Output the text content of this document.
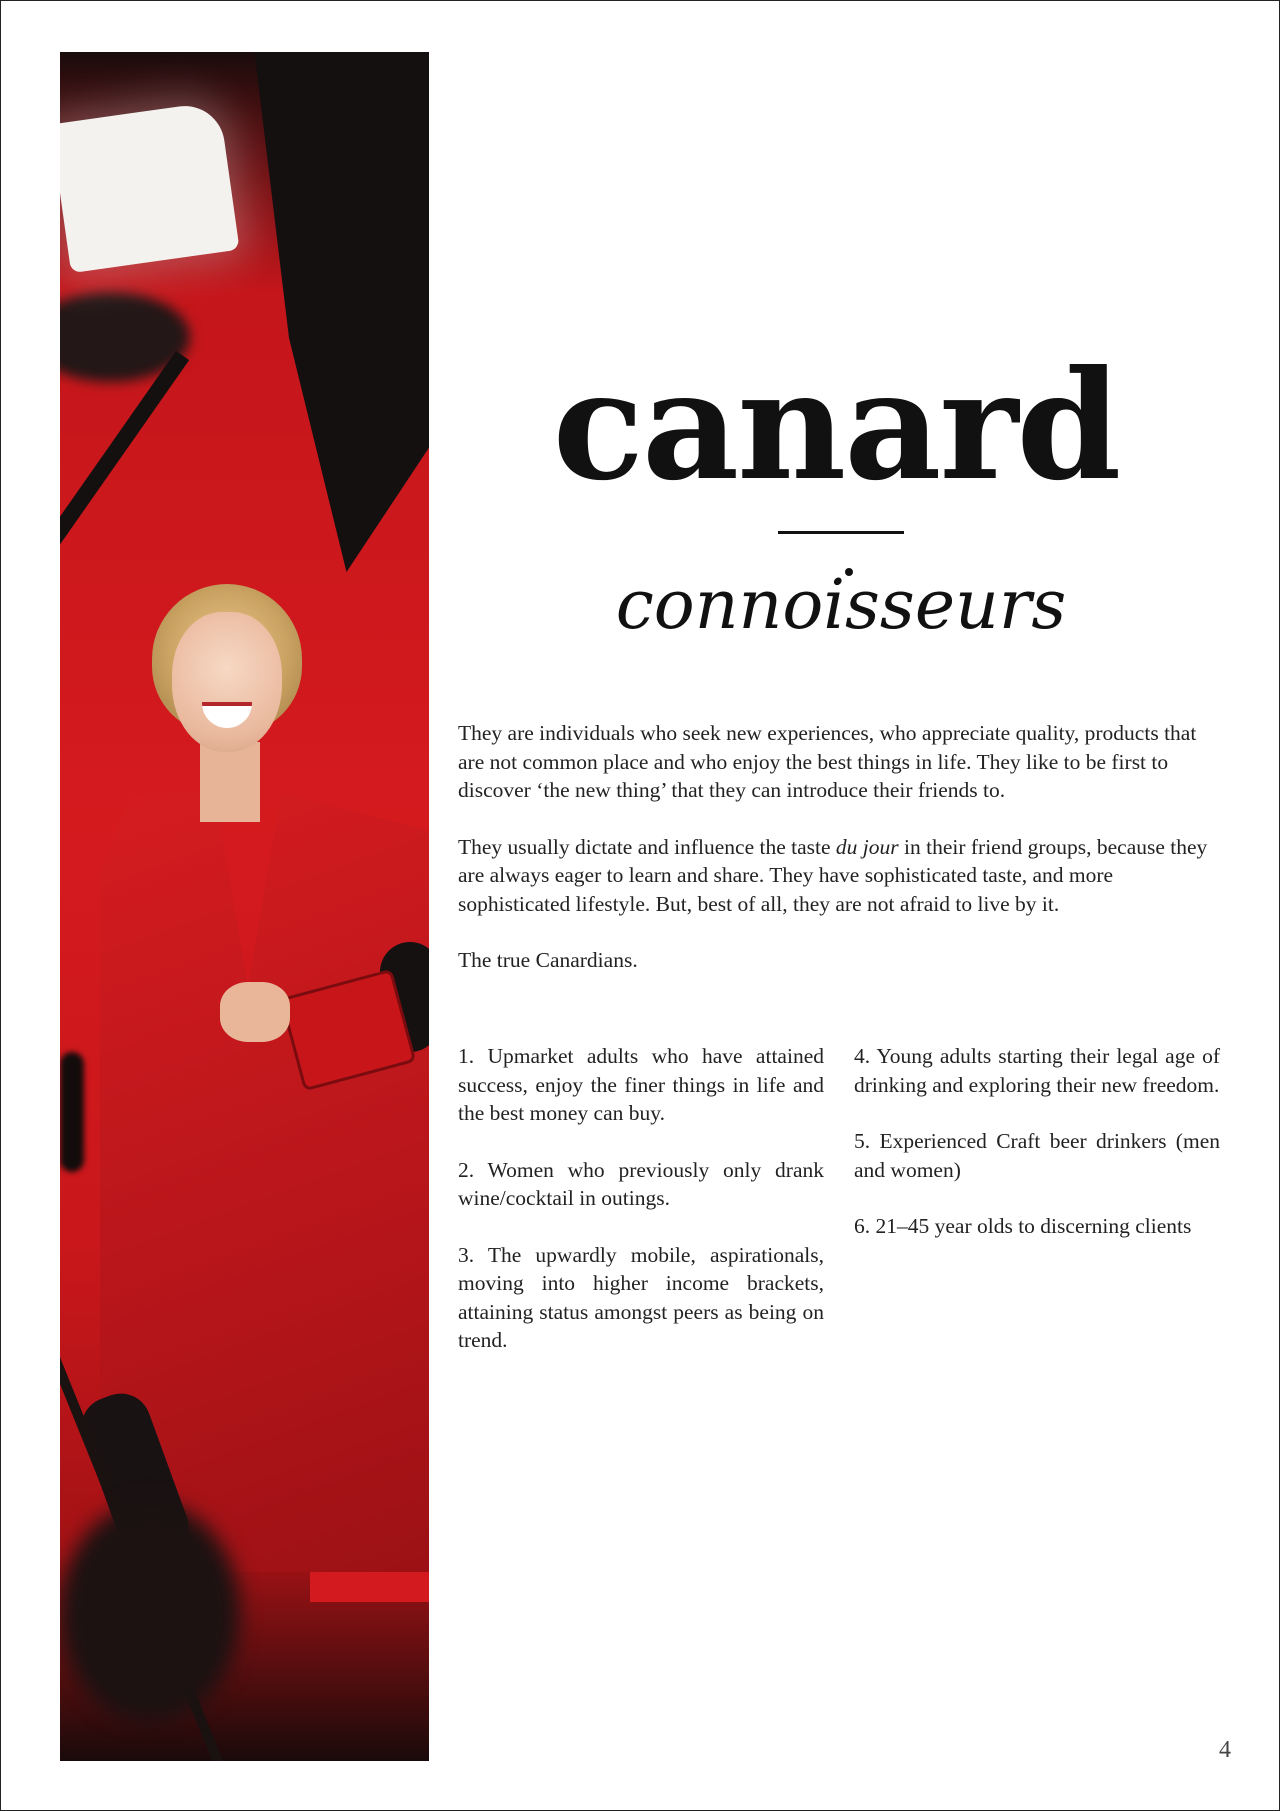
canard
connoisseurs

They are individuals who seek new experiences, who appreciate quality, products that are not common place and who enjoy the best things in life. They like to be first to discover ‘the new thing’ that they can introduce their friends to.

They usually dictate and influence the taste du jour in their friend groups, because they are always eager to learn and share. They have sophisticated taste, and more sophisticated lifestyle. But, best of all, they are not afraid to live by it.

The true Canardians.

1. Upmarket adults who have attained success, enjoy the finer things in life and the best money can buy.
2. Women who previously only drank wine/cocktail in outings.
3. The upwardly mobile, aspirationals, moving into higher income brackets, attaining status amongst peers as being on trend.
4. Young adults starting their legal age of drinking and exploring their new freedom.
5. Experienced Craft beer drinkers (men and women)
6. 21–45 year olds to discerning clients
4
